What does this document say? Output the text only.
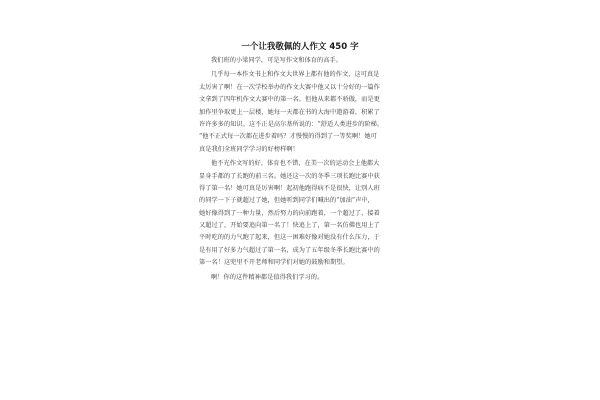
一个让我敬佩的人作文 450 字
我们班的小梁同学，可是写作文和体育的高手。
几乎每一本作文书上和作文大世界上都有他的作文，这可真是
太厉害了啊！在一次学校举办的作文大赛中他又以十分好的一篇作
文拿到了四年机作文大赛中的第一名。但他从来都不骄傲，而是更
加作里争取更上一层楼，她每一天都在书的大海中遨游着，积累了
许许多多的知识。这不正是高尔基所说的：“舒适人类进步的阶梯。
”他不正式每一次都在进步着吗？才慢慢的得到了一等奖啊！她可
真是我们全班同学学习的好榜样啊！
他不光作文写的好，体育也不错，在美一次的运动会上他都大
显身手都的了长跑的前三名。她还这一次的冬季三项长跑比赛中获
得了第一名！她可真是厉害啊！起初他跑得病不是很快，让别人班
的同学一下子就超过了她，但她听到同学们喊出的“加油”声中，
她好像得到了一种力量，然后努力的向前跑着，一个超过了，接着
又超过了，开始要追向第一名了！快追上了，第一名仿佛也用上了
平时吃的的力气跑了起来，但这一困难好像对她没有什么压力，于
是有用了好多力气超过了第一名，成为了五年级冬季长跑比赛中的
第一名！这兜里不开老师和同学们对她的鼓励和期望。
啊！你的这件精神都是值得我们学习的。
